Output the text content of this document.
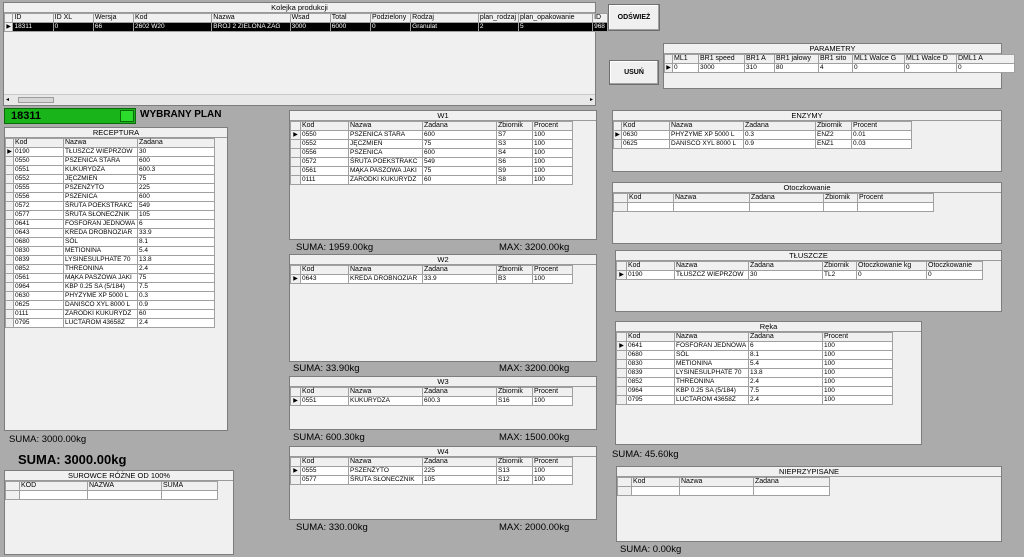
Kolejka produkcji
	ID	ID XL	Wersja	Kod	Nazwa	Wsad	Total	Podzielony	Rodzaj	plan_rodzaj	plan_opakowanie	ID
▶	18311	0	66	2602 W20	BROJ 2 ZIELONA ZAG	3000	6000	0	Granulat	2	5	968
◂	▸
ODŚWIEŻ
USUŃ
PARAMETRY
	ML1	BR1 speed	BR1 A	BR1 jałowy	BR1 sito	ML1 Walce G	ML1 Walce D	DML1 A
▶	0	3000	310	80	4	0	0	0
18311	WYBRANY PLAN
RECEPTURA
	Kod	Nazwa	Zadana
▶	0190	TŁUSZCZ WIEPRZOW	30
	0550	PSZENICA STARA	600
	0551	KUKURYDZA	600.3
	0552	JĘCZMIEŃ	75
	0555	PSZENŻYTO	225
	0556	PSZENICA	600
	0572	ŚRUTA POEKSTRAKC	549
	0577	ŚRUTA SŁONECZNIK	105
	0641	FOSFORAN JEDNOWA	6
	0643	KREDA DROBNOZIAR	33.9
	0680	SÓL	8.1
	0830	METIONINA	5.4
	0839	LYSINESULPHATE 70	13.8
	0852	THREONINA	2.4
	0561	MĄKA PASZOWA JAKI	75
	0964	KBP 0.25 SA (5/184)	7.5
	0630	PHYZYME XP 5000 L	0.3
	0625	DANISCO XYL 8000 L	0.9
	0111	ZARODKI KUKURYDZ	60
	0795	LUCTAROM 43658Z	2.4
SUMA: 3000.00kg
SUMA: 3000.00kg
SUROWCE RÓŻNE OD 100%
	KOD	NAZWA	SUMA

W1
	Kod	Nazwa	Zadana	Zbiornik	Procent
▶	0550	PSZENICA STARA	600	S7	100
	0552	JĘCZMIEŃ	75	S3	100
	0556	PSZENICA	600	S4	100
	0572	ŚRUTA POEKSTRAKC	549	S6	100
	0561	MĄKA PASZOWA JAKI	75	S9	100
	0111	ZARODKI KUKURYDZ	60	S8	100
SUMA: 1959.00kg	MAX: 3200.00kg
W2
	Kod	Nazwa	Zadana	Zbiornik	Procent
▶	0643	KREDA DROBNOZIAR	33.9	B3	100
SUMA: 33.90kg	MAX: 3200.00kg
W3
	Kod	Nazwa	Zadana	Zbiornik	Procent
▶	0551	KUKURYDZA	600.3	S16	100
SUMA: 600.30kg	MAX: 1500.00kg
W4
	Kod	Nazwa	Zadana	Zbiornik	Procent
▶	0555	PSZENŻYTO	225	S13	100
	0577	ŚRUTA SŁONECZNIK	105	S12	100
SUMA: 330.00kg	MAX: 2000.00kg
ENZYMY
	Kod	Nazwa	Zadana	Zbiornik	Procent
▶	0630	PHYZYME XP 5000 L	0.3	ENZ2	0.01
	0625	DANISCO XYL 8000 L	0.9	ENZ1	0.03
Otoczkowanie
	Kod	Nazwa	Zadana	Zbiornik	Procent

TŁUSZCZE
	Kod	Nazwa	Zadana	Zbiornik	Otoczkowanie kg	Otoczkowanie
▶	0190	TŁUSZCZ WIEPRZOW	30	TL2	0	0
Ręka
	Kod	Nazwa	Zadana	Procent
▶	0641	FOSFORAN JEDNOWA	6	100
	0680	SÓL	8.1	100
	0830	METIONINA	5.4	100
	0839	LYSINESULPHATE 70	13.8	100
	0852	THREONINA	2.4	100
	0964	KBP 0.25 SA (5/184)	7.5	100
	0795	LUCTAROM 43658Z	2.4	100
SUMA: 45.60kg
NIEPRZYPISANE
	Kod	Nazwa	Zadana

SUMA: 0.00kg
